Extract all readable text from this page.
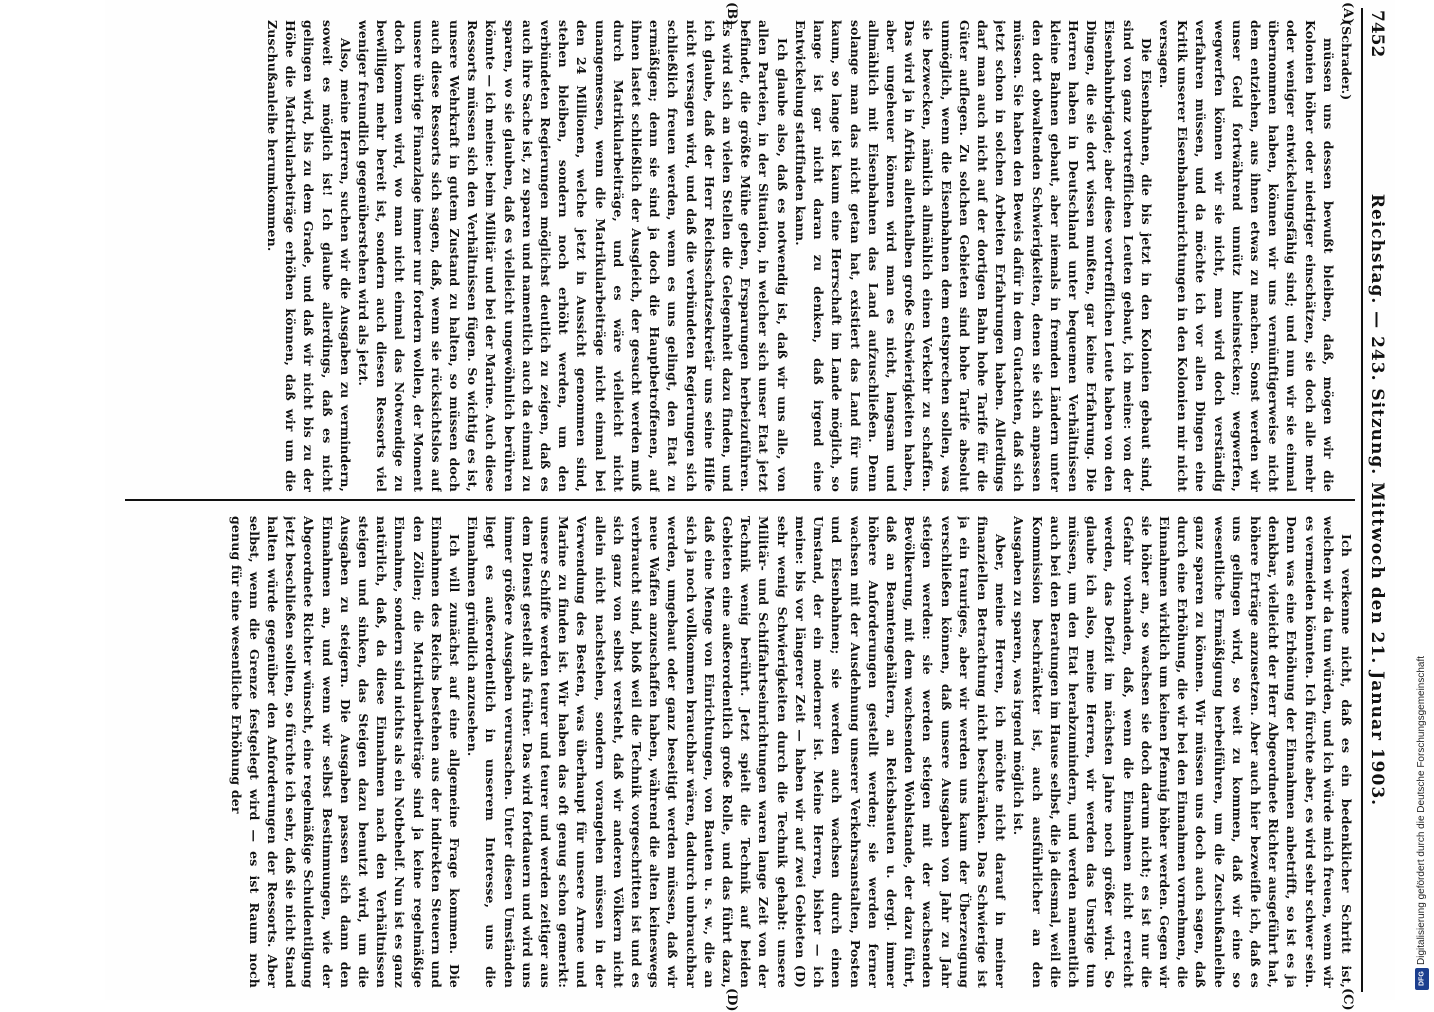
7452
Reichstag. — 243. Sitzung. Mittwoch den 21. Januar 1903.
(A)
(B)
(C)
(D)

(Schrader.)

müssen uns dessen bewußt bleiben, daß, mögen wir die Kolonien höher oder niedriger einschätzen, sie doch alle mehr oder weniger entwickelungsfähig sind; und nun wir sie einmal übernommen haben, können wir uns vernünftigerweise nicht dem entziehen, aus ihnen etwas zu machen. Sonst werden wir unser Geld fortwährend unnütz hineinstecken; wegwerfen, wegwerfen können wir sie nicht, man wird doch verständig verfahren müssen, und da möchte ich vor allen Dingen eine Kritik unserer Eisenbahneinrichtungen in den Kolonien mir nicht versagen.

Die Eisenbahnen, die bis jetzt in den Kolonien gebaut sind, sind von ganz vortrefflichen Leuten gebaut, ich meine: von der Eisenbahnbrigade; aber diese vortrefflichen Leute haben von den Dingen, die sie dort wissen mußten, gar keine Erfahrung. Die Herren haben in Deutschland unter bequemen Verhältnissen kleine Bahnen gebaut, aber niemals in fremden Ländern unter den dort obwaltenden Schwierigkeiten, denen sie sich anpassen müssen. Sie haben den Beweis dafür in dem Gutachten, daß sich jetzt schon in solchen Arbeiten Erfahrungen haben. Allerdings darf man auch nicht auf der dortigen Bahn hohe Tarife für die Güter auflegen. Zu solchen Gebieten sind hohe Tarife absolut unmöglich, wenn die Eisenbahnen dem entsprechen sollen, was sie bezwecken, nämlich allmählich einen Verkehr zu schaffen. Das wird ja in Afrika allenthalben große Schwierigkeiten haben, aber ungeheuer können wird man es nicht, langsam und allmählich mit Eisenbahnen das Land aufzuschließen. Denn solange man das nicht getan hat, existiert das Land für uns kaum, so lange ist kaum eine Herrschaft im Lande möglich, so lange ist gar nicht daran zu denken, daß irgend eine Entwickelung stattfinden kann.

Ich glaube also, daß es notwendig ist, daß wir uns alle, von allen Parteien, in der Situation, in welcher sich unser Etat jetzt befindet, die größte Mühe geben, Ersparungen herbeizuführen. Es wird sich an vielen Stellen die Gelegenheit dazu finden, und ich glaube, daß der Herr Reichsschatzsekretär uns seine Hilfe nicht versagen wird, und daß die verbündeten Regierungen sich schließlich freuen werden, wenn es uns gelingt, den Etat zu ermäßigen; denn sie sind ja doch die Hauptbetroffenen, auf ihnen lastet schließlich der Ausgleich, der gesucht werden muß durch Matrikularbeiträge, und es wäre vielleicht nicht unangemessen, wenn die Matrikularbeiträge nicht einmal bei den 24 Millionen, welche jetzt in Aussicht genommen sind, stehen bleiben, sondern noch erhöht werden, um den verbündeten Regierungen möglichst deutlich zu zeigen, daß es auch ihre Sache ist, zu sparen und namentlich auch da einmal zu sparen, wo sie glauben, daß es vielleicht ungewöhnlich berühren könnte — ich meine: beim Militär und bei der Marine. Auch diese Ressorts müssen sich den Verhältnissen fügen. So wichtig es ist, unsere Wehrkraft in gutem Zustand zu halten, so müssen doch auch diese Ressorts sich sagen, daß, wenn sie rücksichtslos auf unsere übrige Finanzlage immer nur fordern wollen, der Moment doch kommen wird, wo man nicht einmal das Notwendige zu bewilligen mehr bereit ist, sondern auch diesen Ressorts viel weniger freundlich gegenüberstehen wird als jetzt.

Also, meine Herren, suchen wir die Ausgaben zu vermindern, soweit es möglich ist! Ich glaube allerdings, daß es nicht gelingen wird, bis zu dem Grade, und daß wir nicht bis zu der Höhe die Matrikularbeiträge erhöhen können, daß wir um die Zuschußanleihe herumkommen.

Ich verkenne nicht, daß es ein bedenklicher Schritt ist, welchen wir da tun würden, und ich würde mich freuen, wenn wir es vermeiden könnten. Ich fürchte aber, es wird sehr schwer sein. Denn was eine Erhöhung der Einnahmen anbetrifft, so ist es ja denkbar, vielleicht der Herr Abgeordnete Richter ausgeführt hat, höhere Erträge anzusetzen. Aber auch hier bezweifle ich, daß es uns gelingen wird, so weit zu kommen, daß wir eine so wesentliche Ermäßigung herbeiführen, um die Zuschußanleihe ganz sparen zu können. Wir müssen uns doch auch sagen, daß durch eine Erhöhung, die wir bei den Einnahmen vornehmen, die Einnahmen wirklich um keinen Pfennig höher werden. Gegen wir sie höher an, so wachsen sie doch darum nicht; es ist nur die Gefahr vorhanden, daß, wenn die Einnahmen nicht erreicht werden, das Defizit im nächsten Jahre noch größer wird. So glaube ich also, meine Herren, wir werden das Unsrige tun müssen, um den Etat herabzumindern, und werden namentlich auch bei den Beratungen im Hause selbst, die ja diesmal, weil die Kommission beschränkter ist, auch ausführlicher an den Ausgaben zu sparen, was irgend möglich ist.

Aber, meine Herren, ich möchte nicht darauf in meiner finanziellen Betrachtung nicht beschränken. Das Schwierige ist ja ein trauriges, aber wir werden uns kaum der Überzeugung verschließen können, daß unsere Ausgaben von Jahr zu Jahr steigen werden: sie werden steigen mit der wachsenden Bevölkerung, mit dem wachsenden Wohlstande, der dazu führt, daß an Beamtengehältern, an Reichsbauten u. dergl. immer höhere Anforderungen gestellt werden; sie werden ferner wachsen mit der Ausdehnung unserer Verkehrsanstalten, Posten und Eisenbahnen; sie werden auch wachsen durch einen Umstand, der ein moderner ist. Meine Herren, bisher — ich meine: bis vor längerer Zeit — haben wir auf zwei Gebieten (D) sehr wenig Schwierigkeiten durch die Technik gehabt: unsere Militär- und Schiffahrtseinrichtungen waren lange Zeit von der Technik wenig berührt. Jetzt spielt die Technik auf beiden Gebieten eine außerordentlich große Rolle, und das führt dazu, daß eine Menge von Einrichtungen, von Bauten u. s. w., die an sich ja noch vollkommen brauchbar wären, dadurch unbrauchbar werden, umgebaut oder ganz beseitigt werden müssen, daß wir neue Waffen anzuschaffen haben, während die alten keineswegs verbraucht sind, bloß weil die Technik vorgeschritten ist und es sich ganz von selbst versteht, daß wir anderen Völkern nicht allein nicht nachstehen, sondern vorangehen müssen in der Verwendung des Besten, was überhaupt für unsere Armee und Marine zu finden ist. Wir haben das oft genug schon gemerkt: unsere Schiffe werden teurer und teurer und werden zeitiger aus dem Dienst gestellt als früher. Das wird fortdauern und wird uns immer größere Ausgaben verursachen. Unter diesen Umständen liegt es außerordentlich in unserem Interesse, uns die Einnahmen gründlich anzusehen.

Ich will zunächst auf eine allgemeine Frage kommen. Die Einnahmen des Reichs bestehen aus der indirekten Steuern und den Zöllen; die Matrikularbeiträge sind ja keine regelmäßige Einnahme, sondern sind nichts als ein Notbehelf. Nun ist es ganz natürlich, daß, da diese Einnahmen nach den Verhältnissen steigen und sinken, das Steigen dazu benutzt wird, um die Ausgaben zu steigern. Die Ausgaben passen sich dann den Einnahmen an, und wenn wir selbst Bestimmungen, wie der Abgeordnete Richter wünscht, eine regelmäßige Schuldentilgung jetzt beschließen sollten, so fürchte ich sehr, daß sie nicht Stand halten würde gegenüber den Anforderungen der Ressorts. Aber selbst, wenn die Grenze festgelegt wird — es ist Raum noch genug für eine wesentliche Erhöhung der	Digitalisierung gefördert durch die Deutsche Forschungsgemeinschaft
DFG
